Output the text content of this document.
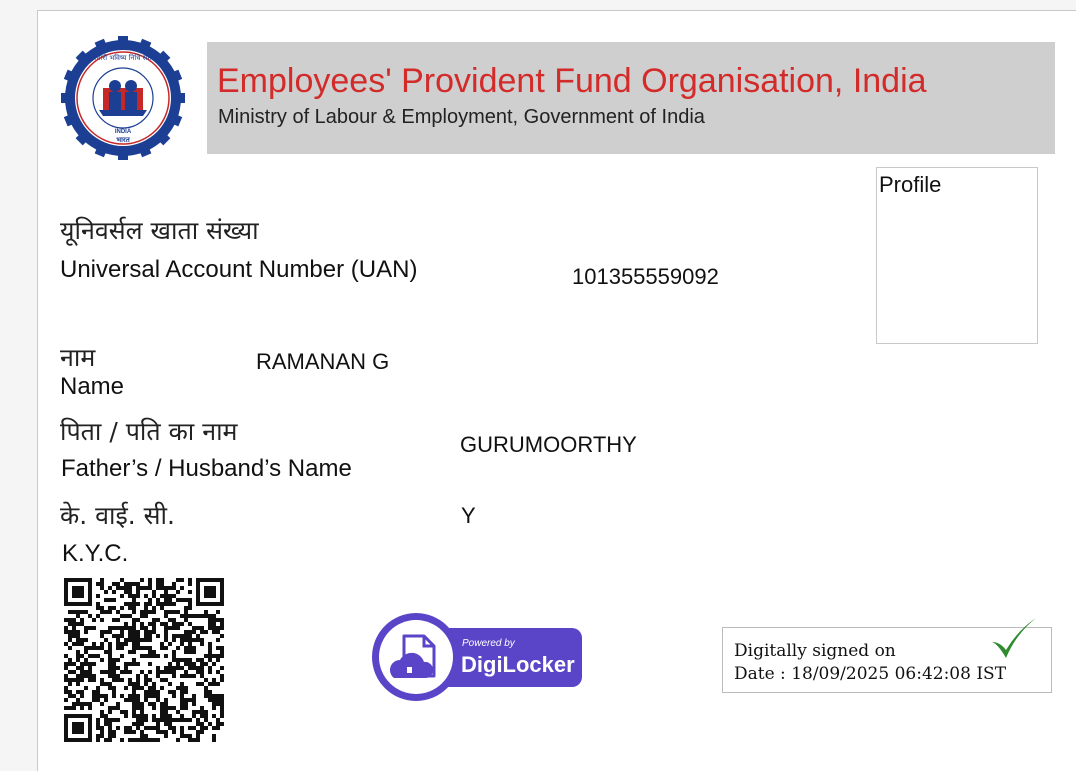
कर्मचारी भविष्य निधि संगठन
INDIA
भारत
Employees' Provident Fund Organisation, India
Ministry of Labour & Employment, Government of India
Profile
यूनिवर्सल खाता संख्या
Universal Account Number (UAN)	101355559092
नाम
Name
RAMANAN G
पिता / पति का नाम
Father’s / Husband’s Name
GURUMOORTHY
के. वाई. सी.
K.Y.C.
Y
Powered by
DigiLocker
Digitally signed on
Date : 18/09/2025 06:42:08 IST
